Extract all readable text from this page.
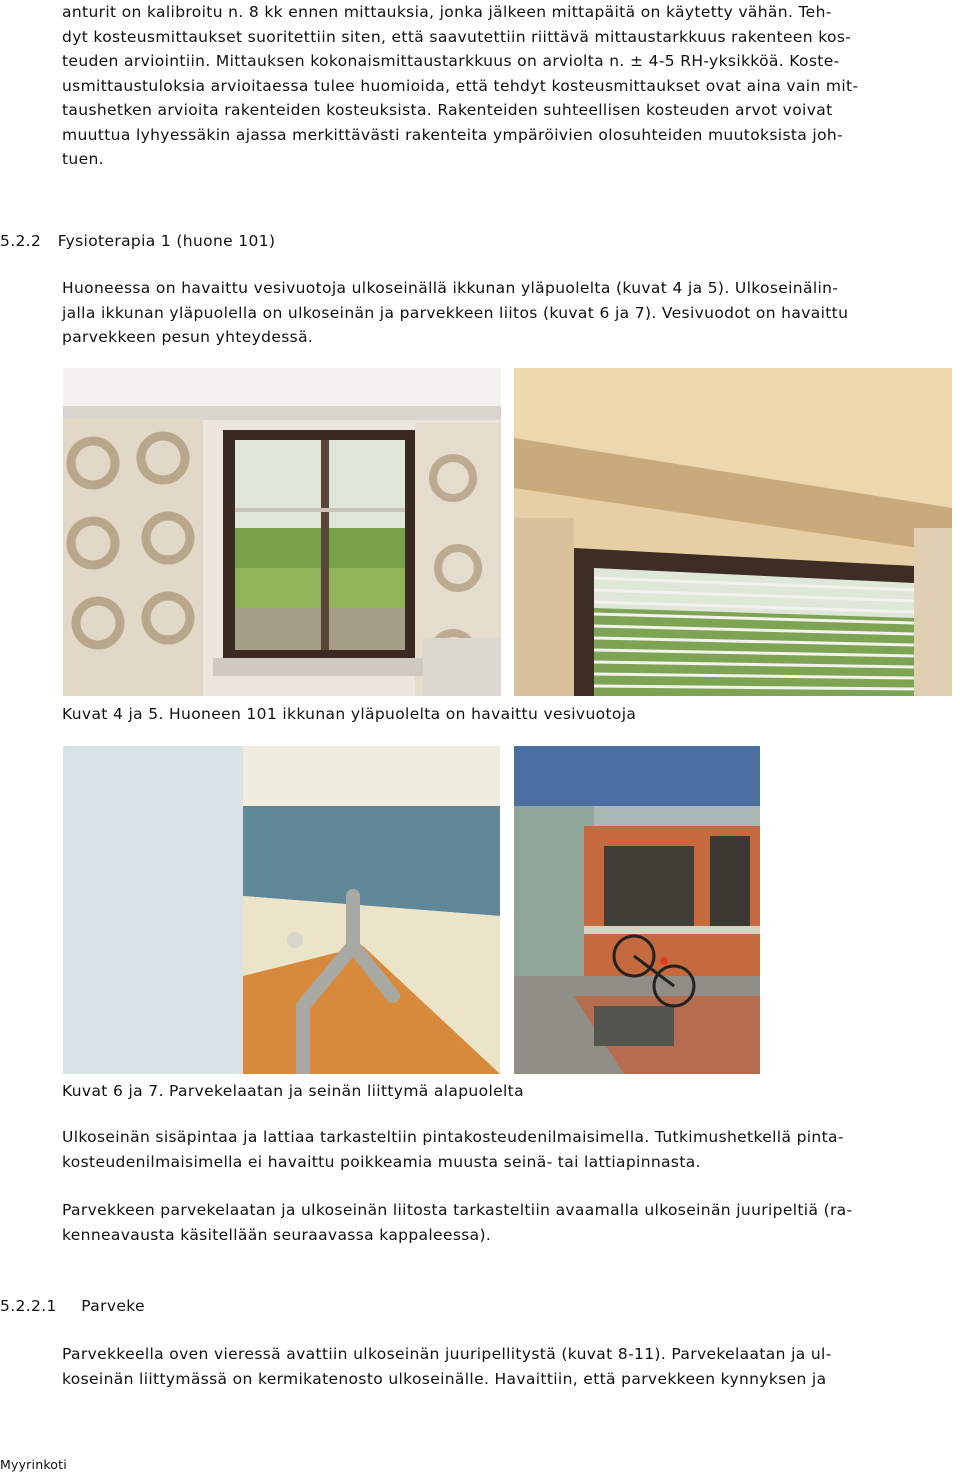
anturit on kalibroitu n. 8 kk ennen mittauksia, jonka jälkeen mittapäitä on käytetty vähän. Teh-
dyt kosteusmittaukset suoritettiin siten, että saavutettiin riittävä mittaustarkkuus rakenteen kos-
teuden arviointiin. Mittauksen kokonaismittaustarkkuus on arviolta n. ± 4-5 RH-yksikköä. Koste-
usmittaustuloksia arvioitaessa tulee huomioida, että tehdyt kosteusmittaukset ovat aina vain mit-
taushetken arvioita rakenteiden kosteuksista. Rakenteiden suhteellisen kosteuden arvot voivat
muuttua lyhyessäkin ajassa merkittävästi rakenteita ympäröivien olosuhteiden muutoksista joh-
tuen.
5.2.2 Fysioterapia 1 (huone 101)
Huoneessa on havaittu vesivuotoja ulkoseinällä ikkunan yläpuolelta (kuvat 4 ja 5). Ulkoseinälin-
jalla ikkunan yläpuolella on ulkoseinän ja parvekkeen liitos (kuvat 6 ja 7). Vesivuodot on havaittu
parvekkeen pesun yhteydessä.
Kuvat 4 ja 5. Huoneen 101 ikkunan yläpuolelta on havaittu vesivuotoja
Kuvat 6 ja 7. Parvekelaatan ja seinän liittymä alapuolelta
Ulkoseinän sisäpintaa ja lattiaa tarkasteltiin pintakosteudenilmaisimella. Tutkimushetkellä pinta-
kosteudenilmaisimella ei havaittu poikkeamia muusta seinä- tai lattiapinnasta.
Parvekkeen parvekelaatan ja ulkoseinän liitosta tarkasteltiin avaamalla ulkoseinän juuripeltiä (ra-
kenneavausta käsitellään seuraavassa kappaleessa).
5.2.2.1 Parveke
Parvekkeella oven vieressä avattiin ulkoseinän juuripellitystä (kuvat 8-11). Parvekelaatan ja ul-
koseinän liittymässä on kermikatenosto ulkoseinälle. Havaittiin, että parvekkeen kynnyksen ja
Myyrinkoti
